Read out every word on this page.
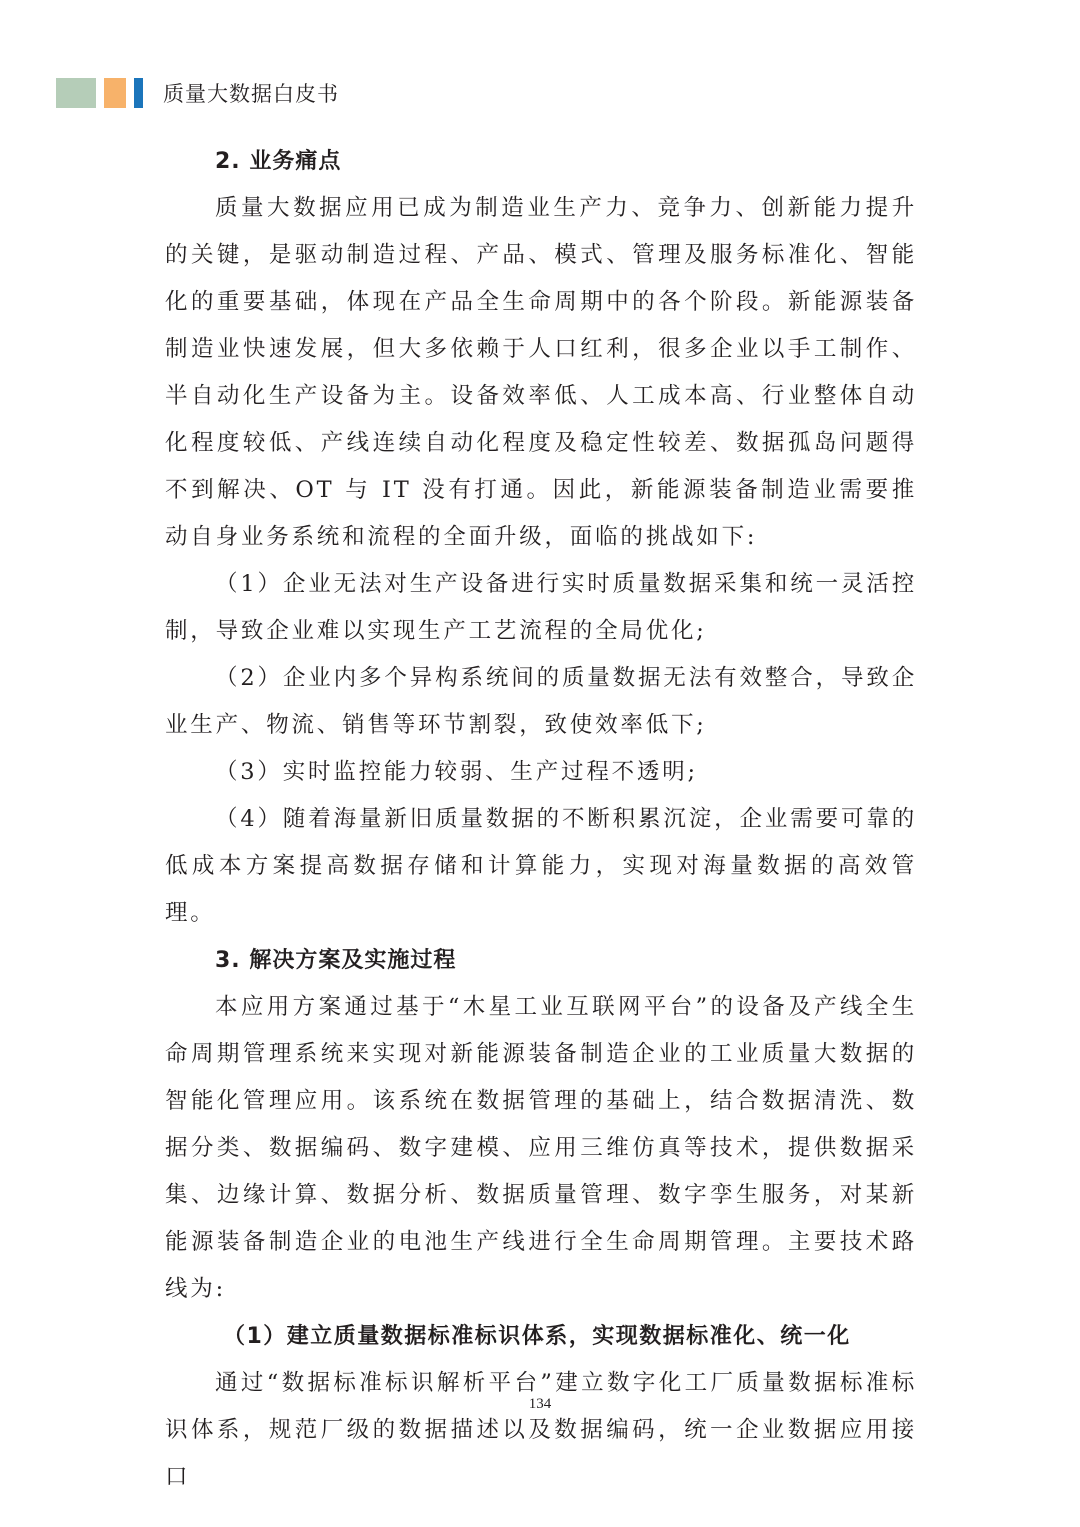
质量大数据白皮书

2. 业务痛点

质量大数据应用已成为制造业生产力、竞争力、创新能力提升的关键，是驱动制造过程、产品、模式、管理及服务标准化、智能化的重要基础，体现在产品全生命周期中的各个阶段。新能源装备制造业快速发展，但大多依赖于人口红利，很多企业以手工制作、半自动化生产设备为主。设备效率低、人工成本高、行业整体自动化程度较低、产线连续自动化程度及稳定性较差、数据孤岛问题得不到解决、OT 与 IT 没有打通。因此，新能源装备制造业需要推动自身业务系统和流程的全面升级，面临的挑战如下:

（1）企业无法对生产设备进行实时质量数据采集和统一灵活控制，导致企业难以实现生产工艺流程的全局优化;

（2）企业内多个异构系统间的质量数据无法有效整合，导致企业生产、物流、销售等环节割裂，致使效率低下;

（3）实时监控能力较弱、生产过程不透明;

（4）随着海量新旧质量数据的不断积累沉淀，企业需要可靠的低成本方案提高数据存储和计算能力，实现对海量数据的高效管理。

3. 解决方案及实施过程

本应用方案通过基于“木星工业互联网平台”的设备及产线全生命周期管理系统来实现对新能源装备制造企业的工业质量大数据的智能化管理应用。该系统在数据管理的基础上，结合数据清洗、数据分类、数据编码、数字建模、应用三维仿真等技术，提供数据采集、边缘计算、数据分析、数据质量管理、数字孪生服务，对某新能源装备制造企业的电池生产线进行全生命周期管理。主要技术路线为:

（1）建立质量数据标准标识体系，实现数据标准化、统一化

通过“数据标准标识解析平台”建立数字化工厂质量数据标准标识体系，规范厂级的数据描述以及数据编码，统一企业数据应用接口

134
